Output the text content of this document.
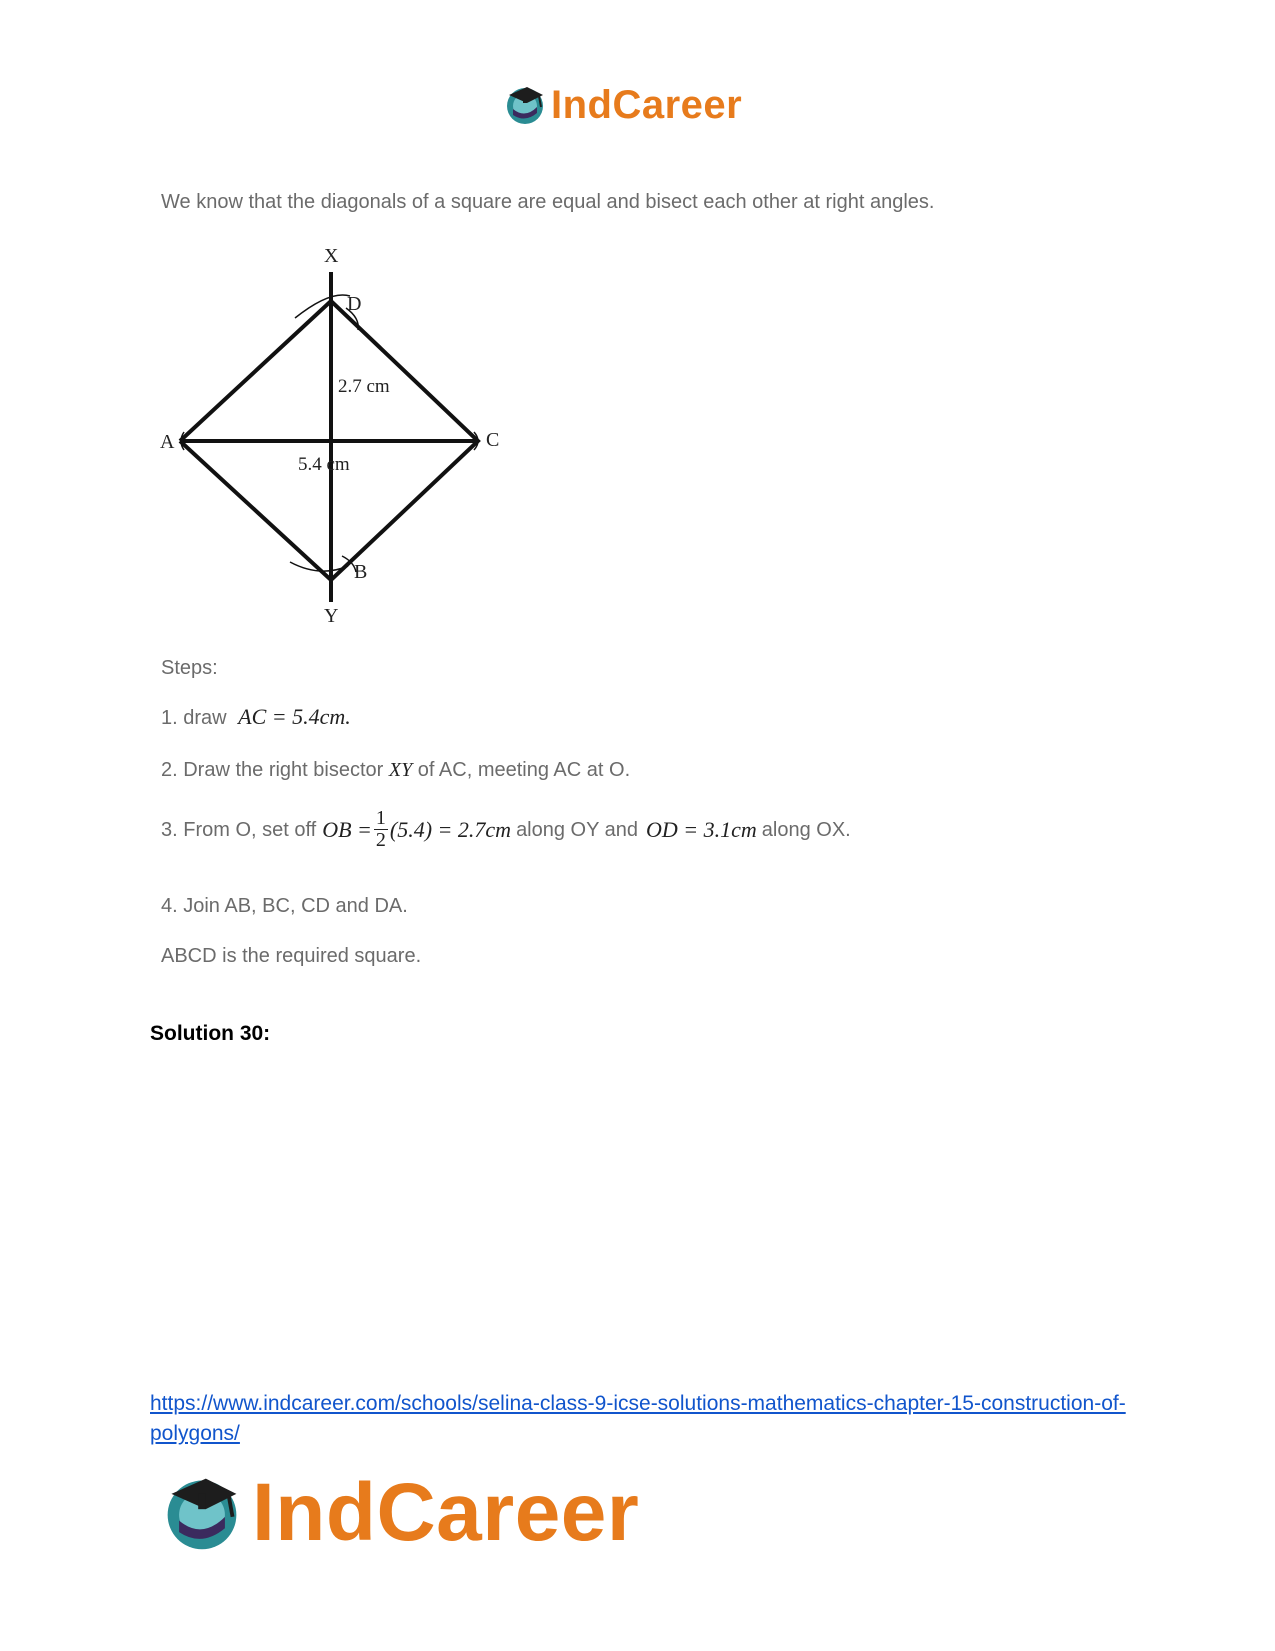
IndCareer
We know that the diagonals of a square are equal and bisect each other at right angles.
X
D
A	C
B
Y
2.7 cm
5.4 cm
Steps:
1. draw AC = 5.4cm.
2. Draw the right bisector XY of AC, meeting AC at O.
3. From O, set off OB = $\frac{1}{2} (5.4) = 2.7cm$ along OY and OD = 3.1cm along OX.
4. Join AB, BC, CD and DA.
ABCD is the required square.
Solution 30:
https://www.indcareer.com/schools/selina-class-9-icse-solutions-mathematics-chapter-15-construction-of-polygons/
IndCareer
